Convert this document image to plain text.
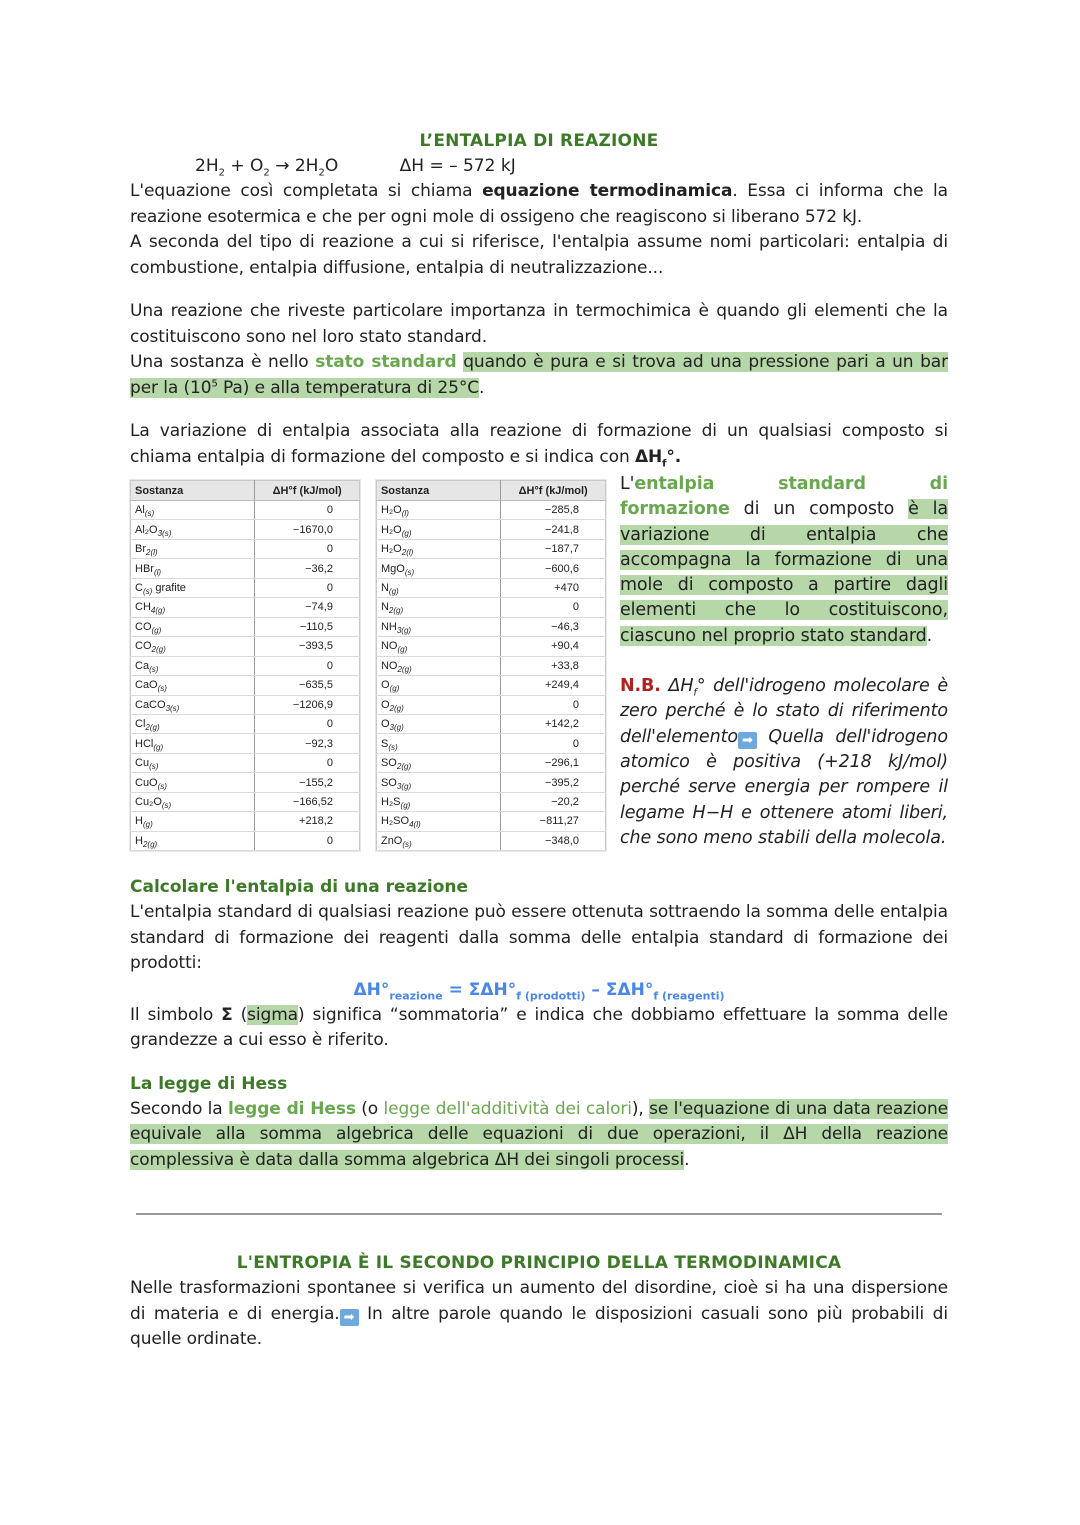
L’ENTALPIA DI REAZIONE

$2H_2 + O_2 \to 2H_2O$	ΔH = – 572 kJ

L'equazione così completata si chiama equazione termodinamica. Essa ci informa che la reazione esotermica e che per ogni mole di ossigeno che reagiscono si liberano 572 kJ.

A seconda del tipo di reazione a cui si riferisce, l'entalpia assume nomi particolari: entalpia di combustione, entalpia diffusione, entalpia di neutralizzazione...

Una reazione che riveste particolare importanza in termochimica è quando gli elementi che la costituiscono sono nel loro stato standard.

Una sostanza è nello stato standard quando è pura e si trova ad una pressione pari a un bar per la ($10^5$ Pa) e alla temperatura di 25°C.

La variazione di entalpia associata alla reazione di formazione di un qualsiasi composto si chiama entalpia di formazione del composto e si indica con $\Delta H_f^\circ$.

Sostanza	ΔH°f (kJ/mol)
$Al_{(s)}$	0
$Al_2O_{3(s)}$	−1670,0
$Br_{2(l)}$	0
HBr$_{(l)}$	−36,2
$C_{(s)}$ grafite	0
$CH_{4(g)}$	−74,9
$CO_{(g)}$	−110,5
$CO_{2(g)}$	−393,5
$Ca_{(s)}$	0
CaO$_{(s)}$	−635,5
CaCO$_{3(s)}$	−1206,9
$Cl_{2(g)}$	0
HCl$_{(g)}$	−92,3
$Cu_{(s)}$	0
CuO$_{(s)}$	−155,2
$Cu_2O_{(s)}$	−166,52
$H_{(g)}$	+218,2
$H_{2(g)}$	0
Sostanza	ΔH°f (kJ/mol)
$H_2O_{(l)}$	−285,8
$H_2O_{(g)}$	−241,8
$H_2O_{2(l)}$	−187,7
MgO$_{(s)}$	−600,6
$N_{(g)}$	+470
$N_{2(g)}$	0
$NH_{3(g)}$	−46,3
$NO_{(g)}$	+90,4
$NO_{2(g)}$	+33,8
$O_{(g)}$	+249,4
$O_{2(g)}$	0
$O_{3(g)}$	+142,2
$S_{(s)}$	0
$SO_{2(g)}$	−296,1
$SO_{3(g)}$	−395,2
$H_2S_{(g)}$	−20,2
$H_2SO_{4(l)}$	−811,27
ZnO$_{(s)}$	−348,0

L'entalpia standard di formazione di un composto è la variazione di entalpia che accompagna la formazione di una mole di composto a partire dagli elementi che lo costituiscono, ciascuno nel proprio stato standard.

N.B. $\Delta H_f^\circ$ dell'idrogeno molecolare è zero perché è lo stato di riferimento dell'elemento ➡ Quella dell'idrogeno atomico è positiva (+218 kJ/mol) perché serve energia per rompere il legame H−H e ottenere atomi liberi, che sono meno stabili della molecola.

Calcolare l'entalpia di una reazione

L'entalpia standard di qualsiasi reazione può essere ottenuta sottraendo la somma delle entalpia standard di formazione dei reagenti dalla somma delle entalpia standard di formazione dei prodotti:

$\Delta H^\circ_{reazione} = \Sigma\Delta H^\circ_{f (prodotti)} - \Sigma\Delta H^\circ_{f (reagenti)}$

Il simbolo Σ (sigma) significa “sommatoria” e indica che dobbiamo effettuare la somma delle grandezze a cui esso è riferito.

La legge di Hess

Secondo la legge di Hess (o legge dell'additività dei calori), se l'equazione di una data reazione equivale alla somma algebrica delle equazioni di due operazioni, il ΔH della reazione complessiva è data dalla somma algebrica ΔH dei singoli processi.

L'ENTROPIA È IL SECONDO PRINCIPIO DELLA TERMODINAMICA

Nelle trasformazioni spontanee si verifica un aumento del disordine, cioè si ha una dispersione di materia e di energia. ➡ In altre parole quando le disposizioni casuali sono più probabili di quelle ordinate.
